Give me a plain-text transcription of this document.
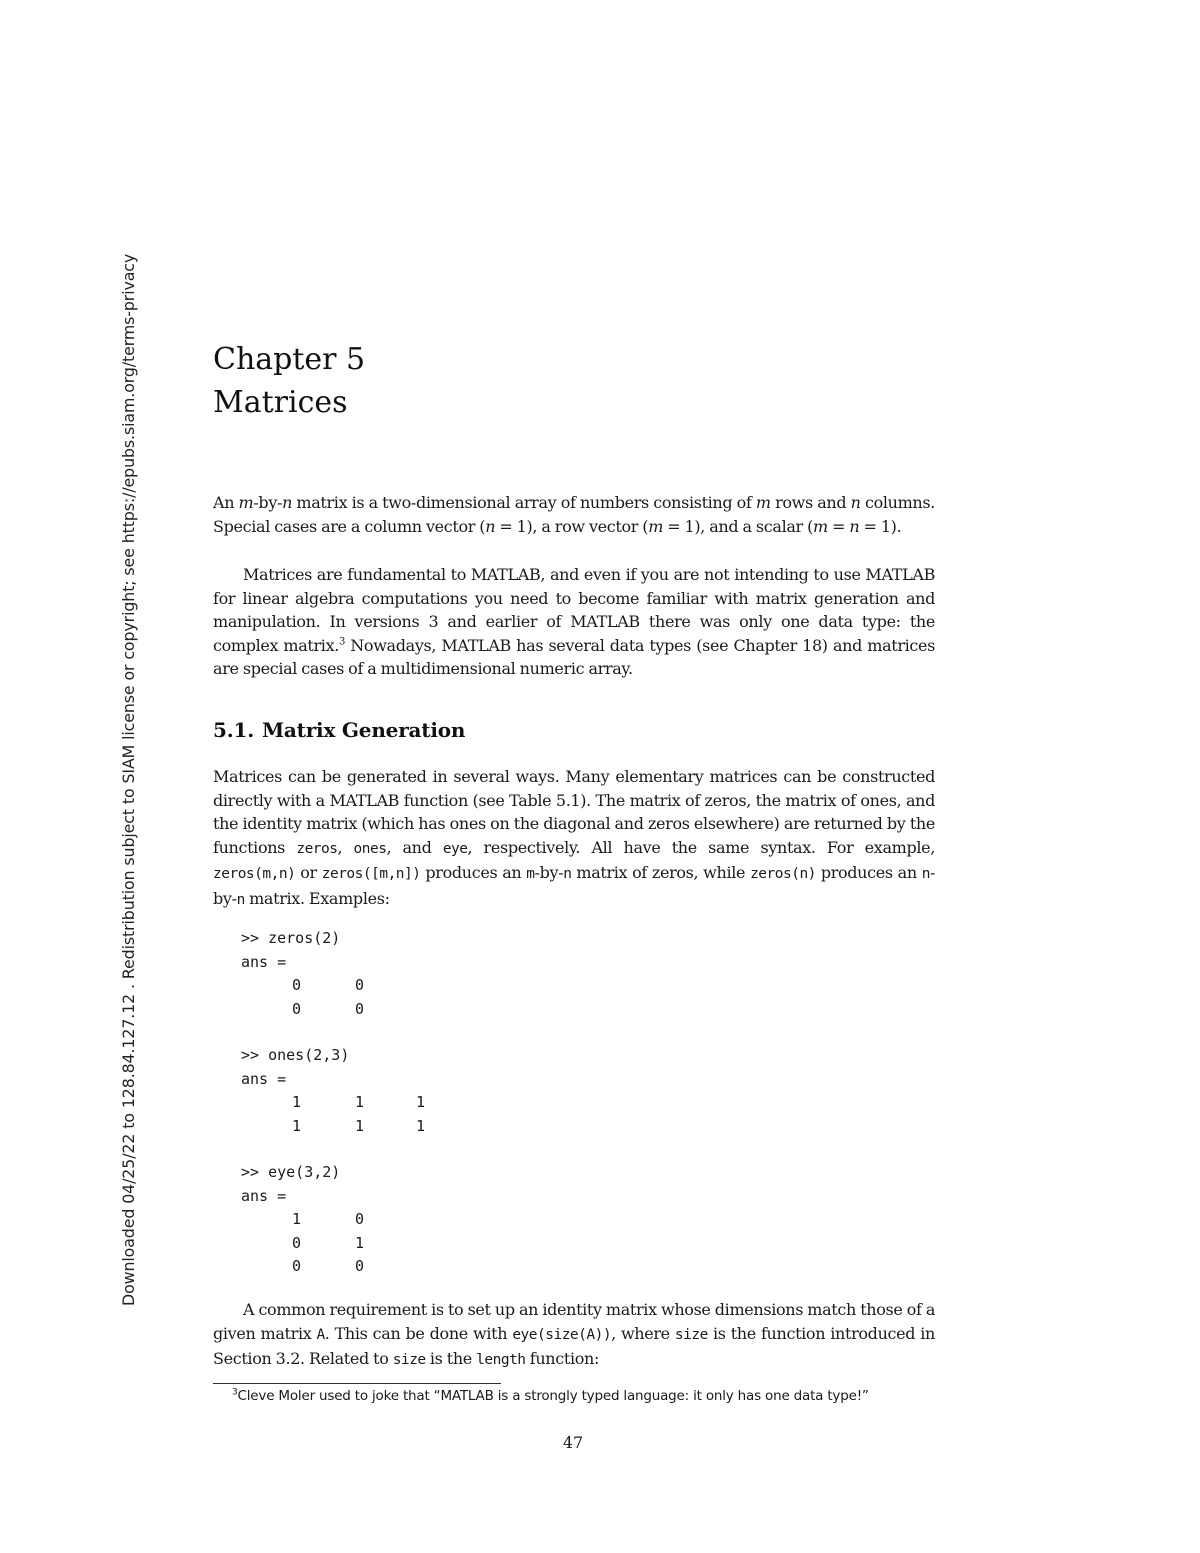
Downloaded 04/25/22 to 128.84.127.12 . Redistribution subject to SIAM license or copyright; see https://epubs.siam.org/terms-privacy	Chapter 5
Matrices
An m-by-n matrix is a two-dimensional array of numbers consisting of m rows and n columns. Special cases are a column vector (n = 1), a row vector (m = 1), and a scalar (m = n = 1).
Matrices are fundamental to MATLAB, and even if you are not intending to use MATLAB for linear algebra computations you need to become familiar with matrix generation and manipulation. In versions 3 and earlier of MATLAB there was only one data type: the complex matrix.$^3$ Nowadays, MATLAB has several data types (see Chapter 18) and matrices are special cases of a multidimensional numeric array.
5.1. Matrix Generation
Matrices can be generated in several ways. Many elementary matrices can be constructed directly with a MATLAB function (see Table 5.1). The matrix of zeros, the matrix of ones, and the identity matrix (which has ones on the diagonal and zeros elsewhere) are returned by the functions zeros, ones, and eye, respectively. All have the same syntax. For example, zeros(m,n) or zeros([m,n]) produces an m-by-n matrix of zeros, while zeros(n) produces an n-by-n matrix. Examples:
>> zeros(2)
ans =
0	0
0	0
>> ones(2,3)
ans =
1	1	1
1	1	1
>> eye(3,2)
ans =
1	0
0	1
0	0
A common requirement is to set up an identity matrix whose dimensions match those of a given matrix A. This can be done with eye(size(A)), where size is the function introduced in Section 3.2. Related to size is the length function:
$^3$Cleve Moler used to joke that “MATLAB is a strongly typed language: it only has one data type!”
47
